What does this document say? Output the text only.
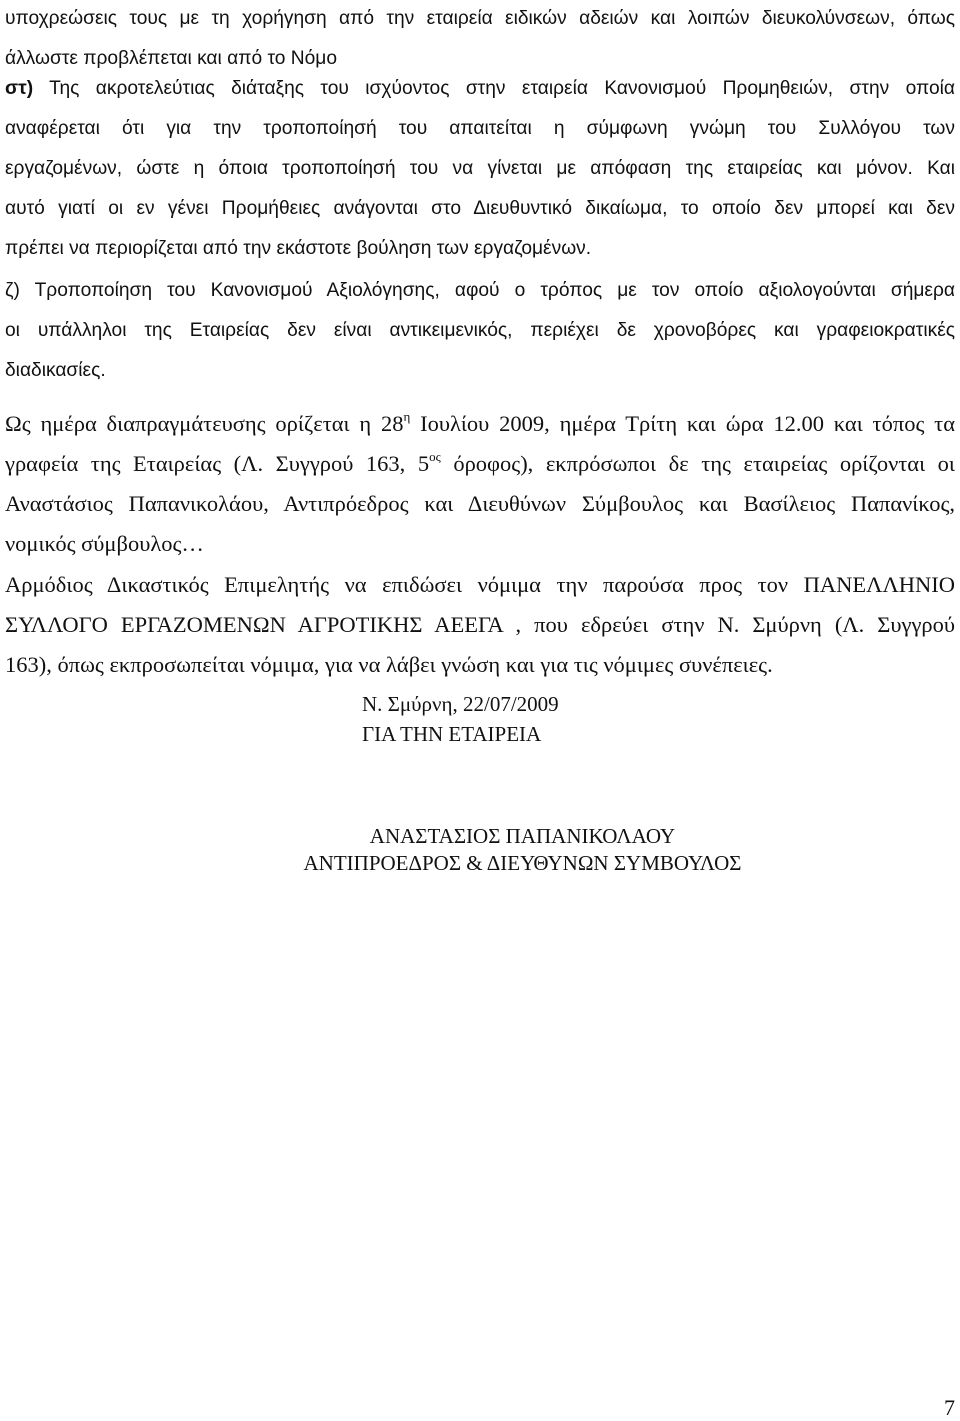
υποχρεώσεις τους με τη χορήγηση από την εταιρεία ειδικών αδειών και λοιπών διευκολύνσεων, όπως
άλλωστε προβλέπεται και από το Νόμο
στ) Της ακροτελεύτιας διάταξης του ισχύοντος στην εταιρεία Κανονισμού Προμηθειών, στην οποία
αναφέρεται ότι για την τροποποίησή του απαιτείται η σύμφωνη γνώμη του Συλλόγου των
εργαζομένων, ώστε η όποια τροποποίησή του να γίνεται με απόφαση της εταιρείας και μόνον. Και
αυτό γιατί οι εν γένει Προμήθειες ανάγονται στο Διευθυντικό δικαίωμα, το οποίο δεν μπορεί και δεν
πρέπει να περιορίζεται από την εκάστοτε βούληση των εργαζομένων.
ζ) Τροποποίηση του Κανονισμού Αξιολόγησης, αφού ο τρόπος με τον οποίο αξιολογούνται σήμερα
οι υπάλληλοι της Εταιρείας δεν είναι αντικειμενικός, περιέχει δε χρονοβόρες και γραφειοκρατικές
διαδικασίες.
Ως ημέρα διαπραγμάτευσης ορίζεται η $28^\eta$ Ιουλίου 2009, ημέρα Τρίτη και ώρα 12.00 και τόπος τα
γραφεία της Εταιρείας (Λ. Συγγρού 163, $5^{o\varsigma}$ όροφος), εκπρόσωποι δε της εταιρείας ορίζονται οι
Αναστάσιος Παπανικολάου, Αντιπρόεδρος και Διευθύνων Σύμβουλος και Βασίλειος Παπανίκος,
νομικός σύμβουλος…
Αρμόδιος Δικαστικός Επιμελητής να επιδώσει νόμιμα την παρούσα προς τον ΠΑΝΕΛΛΗΝΙΟ
ΣΥΛΛΟΓΟ ΕΡΓΑΖΟΜΕΝΩΝ ΑΓΡΟΤΙΚΗΣ ΑΕΕΓΑ , που εδρεύει στην Ν. Σμύρνη (Λ. Συγγρού
163), όπως εκπροσωπείται νόμιμα, για να λάβει γνώση και για τις νόμιμες συνέπειες.
Ν. Σμύρνη, 22/07/2009
ΓΙΑ ΤΗΝ ΕΤΑΙΡΕΙΑ
ΑΝΑΣΤΑΣΙΟΣ ΠΑΠΑΝΙΚΟΛΑΟΥ
ΑΝΤΙΠΡΟΕΔΡΟΣ & ΔΙΕΥΘΥΝΩΝ ΣΥΜΒΟΥΛΟΣ
7
